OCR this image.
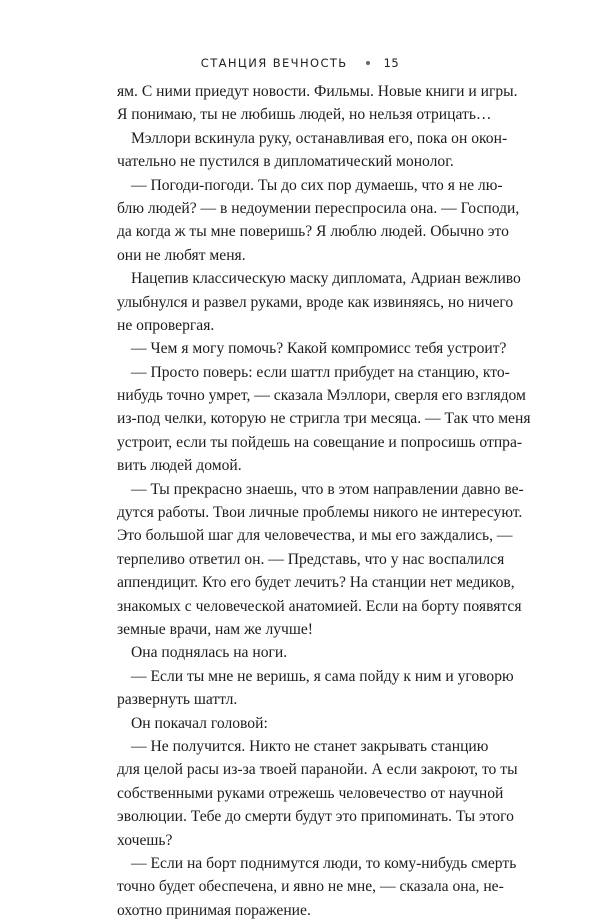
СТАНЦИЯ ВЕЧНОСТЬ	15
ям. С ними приедут новости. Фильмы. Новые книги и игры.
Я понимаю, ты не любишь людей, но нельзя отрицать…
Мэллори вскинула руку, останавливая его, пока он окон-
чательно не пустился в дипломатический монолог.
— Погоди-погоди. Ты до сих пор думаешь, что я не лю-
блю людей? — в недоумении переспросила она. — Господи,
да когда ж ты мне поверишь? Я люблю людей. Обычно это
они не любят меня.
Нацепив классическую маску дипломата, Адриан вежливо
улыбнулся и развел руками, вроде как извиняясь, но ничего
не опровергая.
— Чем я могу помочь? Какой компромисс тебя устроит?
— Просто поверь: если шаттл прибудет на станцию, кто-
нибудь точно умрет, — сказала Мэллори, сверля его взглядом
из-под челки, которую не стригла три месяца. — Так что меня
устроит, если ты пойдешь на совещание и попросишь отпра-
вить людей домой.
— Ты прекрасно знаешь, что в этом направлении давно ве-
дутся работы. Твои личные проблемы никого не интересуют.
Это большой шаг для человечества, и мы его заждались, —
терпеливо ответил он. — Представь, что у нас воспалился
аппендицит. Кто его будет лечить? На станции нет медиков,
знакомых с человеческой анатомией. Если на борту появятся
земные врачи, нам же лучше!
Она поднялась на ноги.
— Если ты мне не веришь, я сама пойду к ним и уговорю
развернуть шаттл.
Он покачал головой:
— Не получится. Никто не станет закрывать станцию
для целой расы из-за твоей паранойи. А если закроют, то ты
собственными руками отрежешь человечество от научной
эволюции. Тебе до смерти будут это припоминать. Ты этого
хочешь?
— Если на борт поднимутся люди, то кому-нибудь смерть
точно будет обеспечена, и явно не мне, — сказала она, не-
охотно принимая поражение.
